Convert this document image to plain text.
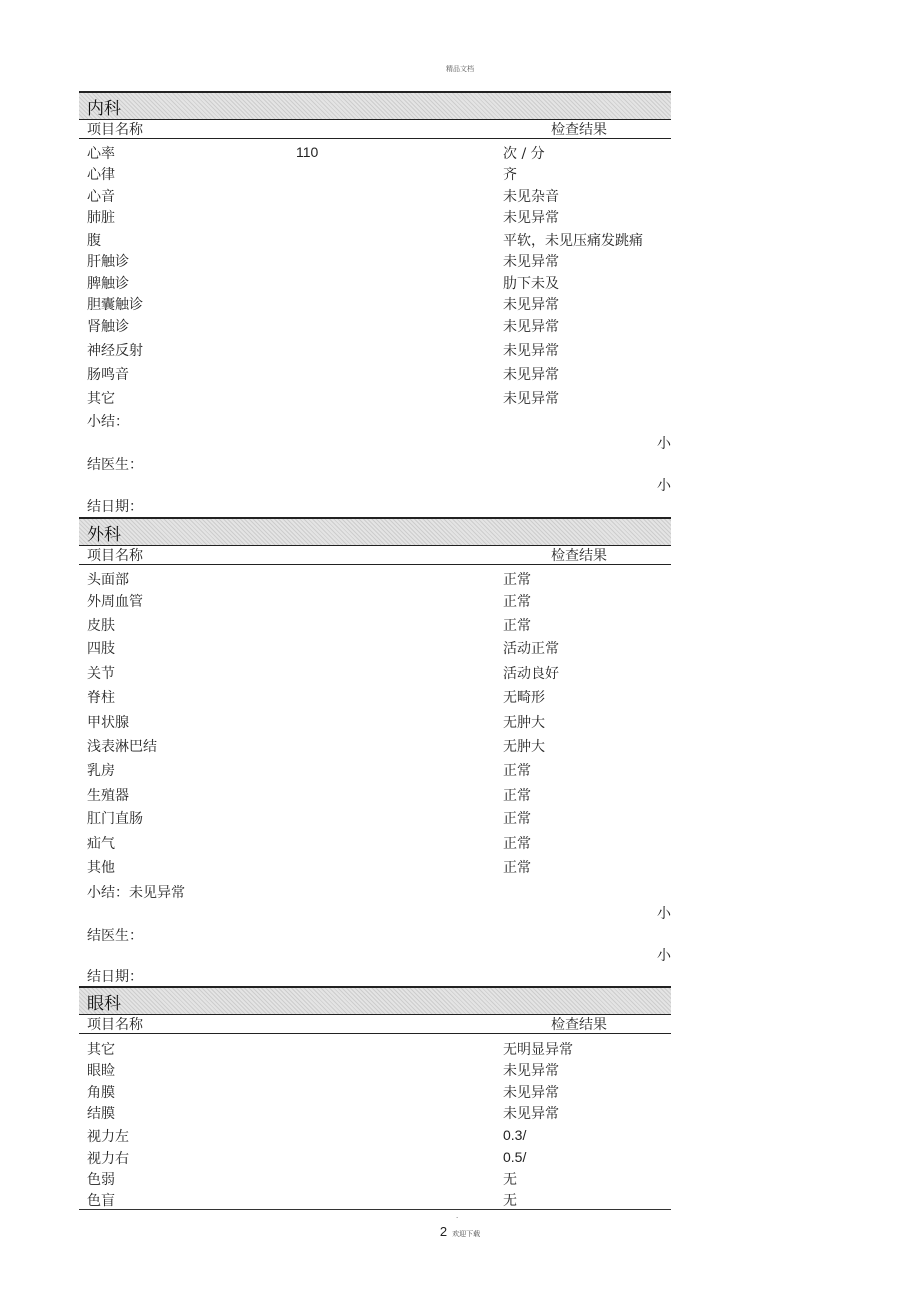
精品文档
内科
项目名称	检查结果
心率	110	次 / 分
心律	齐
心音	未见杂音
肺脏	未见异常
腹	平软，未见压痛发跳痛
肝触诊	未见异常
脾触诊	肋下未及
胆囊触诊	未见异常
肾触诊	未见异常
神经反射	未见异常
肠鸣音	未见异常
其它	未见异常
小结：
小
结医生：
小
结日期：
外科
项目名称	检查结果
头面部	正常
外周血管	正常
皮肤	正常
四肢	活动正常
关节	活动良好
脊柱	无畸形
甲状腺	无肿大
浅表淋巴结	无肿大
乳房	正常
生殖器	正常
肛门直肠	正常
疝气	正常
其他	正常
小结：未见异常
小
结医生：
小
结日期：
眼科
项目名称	检查结果
其它	无明显异常
眼睑	未见异常
角膜	未见异常
结膜	未见异常
视力左	0.3/
视力右	0.5/
色弱	无
色盲	无
.
2 欢迎下载
